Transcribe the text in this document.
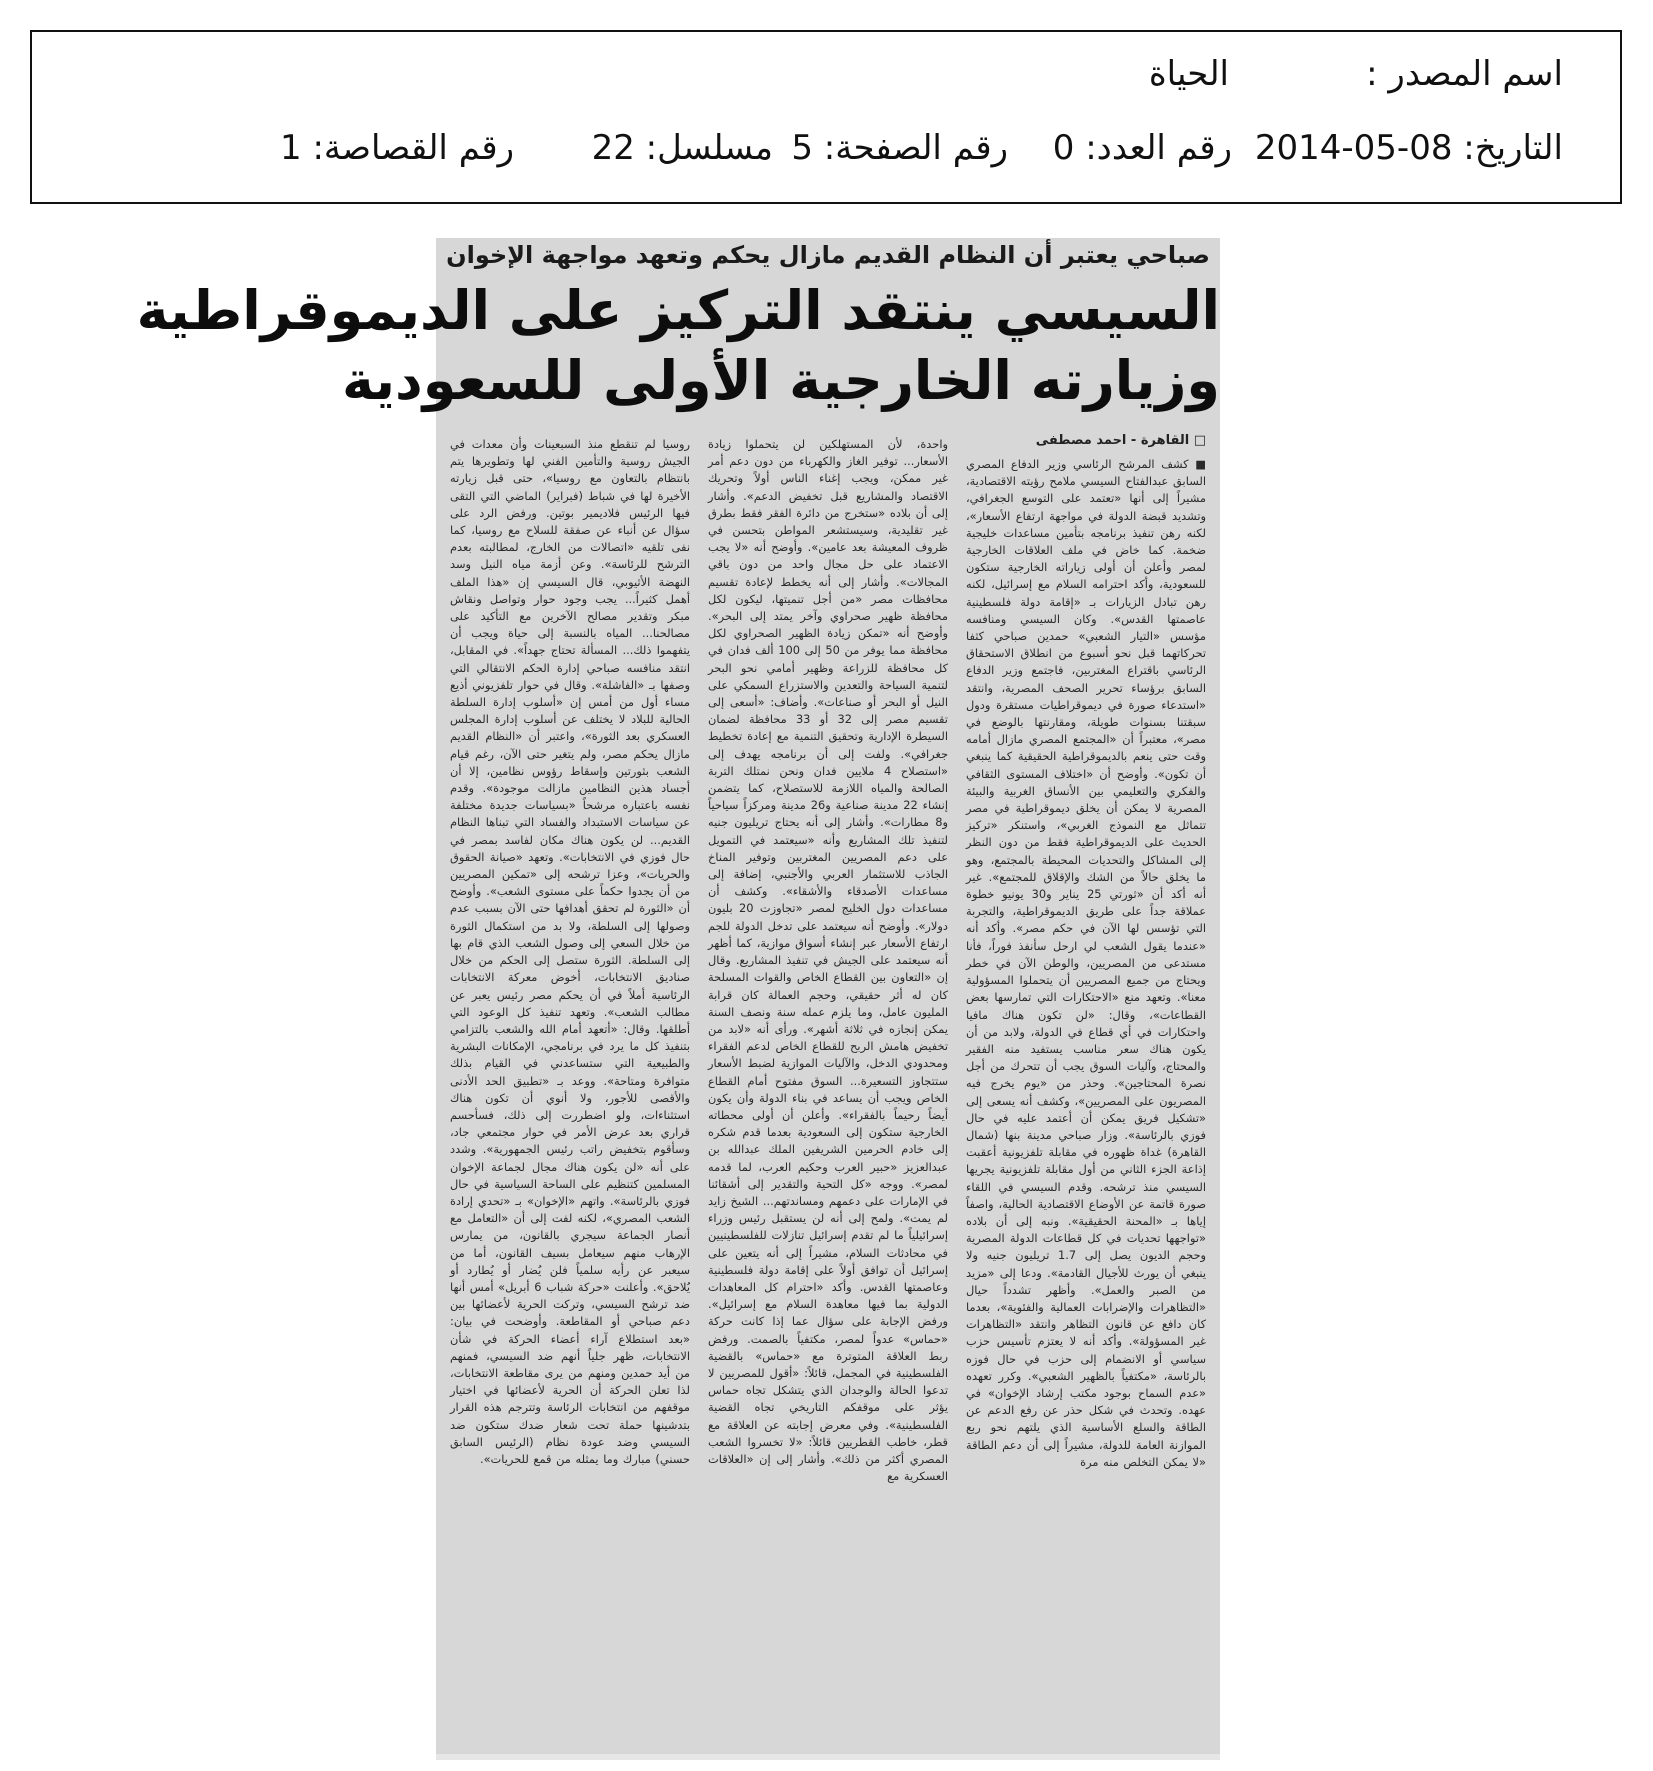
اسم المصدر :
الحياة
التاريخ: 08-05-2014
رقم العدد: 0
رقم الصفحة: 5
مسلسل: 22
رقم القصاصة: 1
صباحي يعتبر أن النظام القديم مازال يحكم وتعهد مواجهة الإخوان
السيسي ينتقد التركيز على الديموقراطية
وزيارته الخارجية الأولى للسعودية
□ القاهرة - احمد مصطفى
■ كشف المرشح الرئاسي وزير الدفاع المصري السابق عبدالفتاح السيسي ملامح رؤيته الاقتصادية، مشيراً إلى أنها «تعتمد على التوسع الجغرافي، وتشديد قبضة الدولة في مواجهة ارتفاع الأسعار»، لكنه رهن تنفيذ برنامجه بتأمين مساعدات خليجية ضخمة. كما خاض في ملف العلاقات الخارجية لمصر وأعلن أن أولى زياراته الخارجية ستكون للسعودية، وأكد احترامه السلام مع إسرائيل، لكنه رهن تبادل الزيارات بـ «إقامة دولة فلسطينية عاصمتها القدس». وكان السيسي ومنافسه مؤسس «التيار الشعبي» حمدين صباحي كثفا تحركاتهما قبل نحو أسبوع من انطلاق الاستحقاق الرئاسي باقتراع المغتربين، فاجتمع وزير الدفاع السابق برؤساء تحرير الصحف المصرية، وانتقد «استدعاء صورة في ديموقراطيات مستقرة ودول سبقتنا بسنوات طويلة، ومقارنتها بالوضع في مصر»، معتبراً أن «المجتمع المصري مازال أمامه وقت حتى ينعم بالديموقراطية الحقيقية كما ينبغي أن تكون». وأوضح أن «اختلاف المستوى الثقافي والفكري والتعليمي بين الأنساق الغربية والبيئة المصرية لا يمكن أن يخلق ديموقراطية في مصر تتماثل مع النموذج الغربي»، واستنكر «تركيز الحديث على الديموقراطية فقط من دون النظر إلى المشاكل والتحديات المحيطة بالمجتمع، وهو ما يخلق حالاً من الشك والإقلاق للمجتمع». غير أنه أكد أن «ثورتي 25 يناير و30 يونيو خطوة عملاقة جداً على طريق الديموقراطية، والتجربة التي تؤسس لها الآن في حكم مصر». وأكد أنه «عندما يقول الشعب لي ارحل سأنفذ فوراً، فأنا مستدعى من المصريين، والوطن الآن في خطر ويحتاج من جميع المصريين أن يتحملوا المسؤولية معنا». وتعهد منع «الاحتكارات التي تمارسها بعض القطاعات»، وقال: «لن تكون هناك مافيا واحتكارات في أي قطاع في الدولة، ولابد من أن يكون هناك سعر مناسب يستفيد منه الفقير والمحتاج، وآليات السوق يجب أن تتحرك من أجل نصرة المحتاجين». وحذر من «يوم يخرج فيه المصريون على المصريين»، وكشف أنه يسعى إلى «تشكيل فريق يمكن أن أعتمد عليه في حال فوزي بالرئاسة». وزار صباحي مدينة بنها (شمال القاهرة) غداة ظهوره في مقابلة تلفزيونية أعقبت إذاعة الجزء الثاني من أول مقابلة تلفزيونية يجريها السيسي منذ ترشحه. وقدم السيسي في اللقاء صورة قاتمة عن الأوضاع الاقتصادية الحالية، واصفاً إياها بـ «المحنة الحقيقية». ونبه إلى أن بلاده «تواجهها تحديات في كل قطاعات الدولة المصرية وحجم الديون يصل إلى 1.7 تريليون جنيه ولا ينبغي أن يورث للأجيال القادمة». ودعا إلى «مزيد من الصبر والعمل». وأظهر تشدداً حيال «التظاهرات والإضرابات العمالية والفئوية»، بعدما كان دافع عن قانون التظاهر وانتقد «التظاهرات غير المسؤولة». وأكد أنه لا يعتزم تأسيس حزب سياسي أو الانضمام إلى حزب في حال فوزه بالرئاسة، «مكتفياً بالظهير الشعبي». وكرر تعهده «عدم السماح بوجود مكتب إرشاد الإخوان» في عهده. وتحدث في شكل حذر عن رفع الدعم عن الطاقة والسلع الأساسية الذي يلتهم نحو ربع الموازنة العامة للدولة، مشيراً إلى أن دعم الطاقة «لا يمكن التخلص منه مرة
واحدة، لأن المستهلكين لن يتحملوا زيادة الأسعار... توفير الغاز والكهرباء من دون دعم أمر غير ممكن، ويجب إغناء الناس أولاً وتحريك الاقتصاد والمشاريع قبل تخفيض الدعم». وأشار إلى أن بلاده «ستخرج من دائرة الفقر فقط بطرق غير تقليدية، وسيستشعر المواطن بتحسن في ظروف المعيشة بعد عامين». وأوضح أنه «لا يجب الاعتماد على حل مجال واحد من دون باقي المجالات». وأشار إلى أنه يخطط لإعادة تقسيم محافظات مصر «من أجل تنميتها، ليكون لكل محافظة ظهير صحراوي وآخر يمتد إلى البحر». وأوضح أنه «تمكن زيادة الظهير الصحراوي لكل محافظة مما يوفر من 50 إلى 100 ألف فدان في كل محافظة للزراعة وظهير أمامي نحو البحر لتنمية السياحة والتعدين والاستزراع السمكي على النيل أو البحر أو صناعات». وأضاف: «أسعى إلى تقسيم مصر إلى 32 أو 33 محافظة لضمان السيطرة الإدارية وتحقيق التنمية مع إعادة تخطيط جغرافي». ولفت إلى أن برنامجه يهدف إلى «استصلاح 4 ملايين فدان ونحن نمتلك التربة الصالحة والمياه اللازمة للاستصلاح، كما يتضمن إنشاء 22 مدينة صناعية و26 مدينة ومركزاً سياحياً و8 مطارات». وأشار إلى أنه يحتاج تريليون جنيه لتنفيذ تلك المشاريع وأنه «سيعتمد في التمويل على دعم المصريين المغتربين وتوفير المناخ الجاذب للاستثمار العربي والأجنبي، إضافة إلى مساعدات الأصدقاء والأشقاء». وكشف أن مساعدات دول الخليج لمصر «تجاوزت 20 بليون دولار». وأوضح أنه سيعتمد على تدخل الدولة للجم ارتفاع الأسعار عبر إنشاء أسواق موازية، كما أظهر أنه سيعتمد على الجيش في تنفيذ المشاريع. وقال إن «التعاون بين القطاع الخاص والقوات المسلحة كان له أثر حقيقي، وحجم العمالة كان قرابة المليون عامل، وما يلزم عمله سنة ونصف السنة يمكن إنجازه في ثلاثة أشهر». ورأى أنه «لابد من تخفيض هامش الربح للقطاع الخاص لدعم الفقراء ومحدودي الدخل، والآليات الموازية لضبط الأسعار ستتجاوز التسعيرة... السوق مفتوح أمام القطاع الخاص ويجب أن يساعد في بناء الدولة وأن يكون أيضاً رحيماً بالفقراء». وأعلن أن أولى محطاته الخارجية ستكون إلى السعودية بعدما قدم شكره إلى خادم الحرمين الشريفين الملك عبدالله بن عبدالعزيز «حبير العرب وحكيم العرب، لما قدمه لمصر». ووجه «كل التحية والتقدير إلى أشقائنا في الإمارات على دعمهم ومساندتهم... الشيخ زايد لم يمت». ولمح إلى أنه لن يستقبل رئيس وزراء إسرائيلياً ما لم تقدم إسرائيل تنازلات للفلسطينيين في محادثات السلام، مشيراً إلى أنه يتعين على إسرائيل أن توافق أولاً على إقامة دولة فلسطينية وعاصمتها القدس. وأكد «احترام كل المعاهدات الدولية بما فيها معاهدة السلام مع إسرائيل». ورفض الإجابة على سؤال عما إذا كانت حركة «حماس» عدواً لمصر، مكتفياً بالصمت. ورفض ربط العلاقة المتوترة مع «حماس» بالقضية الفلسطينية في المجمل، قائلاً: «أقول للمصريين لا تدعوا الحالة والوجدان الذي يتشكل تجاه حماس يؤثر على موقفكم التاريخي تجاه القضية الفلسطينية». وفي معرض إجابته عن العلاقة مع قطر، خاطب القطريين قائلاً: «لا تخسروا الشعب المصري أكثر من ذلك». وأشار إلى إن «العلاقات العسكرية مع
روسيا لم تنقطع منذ السبعينات وأن معدات في الجيش روسية والتأمين الفني لها وتطويرها يتم بانتظام بالتعاون مع روسيا»، حتى قبل زيارته الأخيرة لها في شباط (فبراير) الماضي التي التقى فيها الرئيس فلاديمير بوتين. ورفض الرد على سؤال عن أنباء عن صفقة للسلاح مع روسيا، كما نفى تلقيه «اتصالات من الخارج، لمطالبته بعدم الترشح للرئاسة». وعن أزمة مياه النيل وسد النهضة الأثيوبي، قال السيسي إن «هذا الملف أهمل كثيراً... يجب وجود حوار وتواصل ونقاش مبكر وتقدير مصالح الآخرين مع التأكيد على مصالحنا... المياه بالنسبة إلى حياة ويجب أن يتفهموا ذلك... المسألة تحتاج جهداً». في المقابل، انتقد منافسه صباحي إدارة الحكم الانتقالي التي وصفها بـ «الفاشلة». وقال في حوار تلفزيوني أذيع مساء أول من أمس إن «أسلوب إدارة السلطة الحالية للبلاد لا يختلف عن أسلوب إدارة المجلس العسكري بعد الثورة»، واعتبر أن «النظام القديم مازال يحكم مصر، ولم يتغير حتى الآن، رغم قيام الشعب بثورتين وإسقاط رؤوس نظامين، إلا أن أجساد هذين النظامين مازالت موجودة». وقدم نفسه باعتباره مرشحاً «بسياسات جديدة مختلفة عن سياسات الاستبداد والفساد التي تبناها النظام القديم... لن يكون هناك مكان لفاسد بمصر في حال فوزي في الانتخابات». وتعهد «صيانة الحقوق والحريات»، وعزا ترشحه إلى «تمكين المصريين من أن يجدوا حكماً على مستوى الشعب». وأوضح أن «الثورة لم تحقق أهدافها حتى الآن بسبب عدم وصولها إلى السلطة، ولا بد من استكمال الثورة من خلال السعي إلى وصول الشعب الذي قام بها إلى السلطة. الثورة ستصل إلى الحكم من خلال صناديق الانتخابات، أخوض معركة الانتخابات الرئاسية أملاً في أن يحكم مصر رئيس يعبر عن مطالب الشعب». وتعهد تنفيذ كل الوعود التي أطلقها. وقال: «أتعهد أمام الله والشعب بالتزامي بتنفيذ كل ما يرد في برنامجي، الإمكانات البشرية والطبيعية التي ستساعدني في القيام بذلك متوافرة ومتاحة». ووعد بـ «تطبيق الحد الأدنى والأقصى للأجور، ولا أنوي أن تكون هناك استثناءات، ولو اضطررت إلى ذلك، فسأحسم قراري بعد عرض الأمر في حوار مجتمعي جاد، وسأقوم بتخفيض راتب رئيس الجمهورية». وشدد على أنه «لن يكون هناك مجال لجماعة الإخوان المسلمين كتنظيم على الساحة السياسية في حال فوزي بالرئاسة». واتهم «الإخوان» بـ «تحدي إرادة الشعب المصري»، لكنه لفت إلى أن «التعامل مع أنصار الجماعة سيجري بالقانون، من يمارس الإرهاب منهم سيعامل بسيف القانون، أما من سيعبر عن رأيه سلمياً فلن يُضار أو يُطارد أو يُلاحق». وأعلنت «حركة شباب 6 أبريل» أمس أنها ضد ترشح السيسي، وتركت الحرية لأعضائها بين دعم صباحي أو المقاطعة. وأوضحت في بيان: «بعد استطلاع آراء أعضاء الحركة في شأن الانتخابات، ظهر جلياً أنهم ضد السيسي، فمنهم من أيد حمدين ومنهم من يرى مقاطعة الانتخابات، لذا تعلن الحركة أن الحرية لأعضائها في اختيار موقفهم من انتخابات الرئاسة وتترجم هذه القرار بتدشينها حملة تحت شعار ضدك ستكون ضد السيسي وضد عودة نظام (الرئيس السابق حسني) مبارك وما يمثله من قمع للحريات».
